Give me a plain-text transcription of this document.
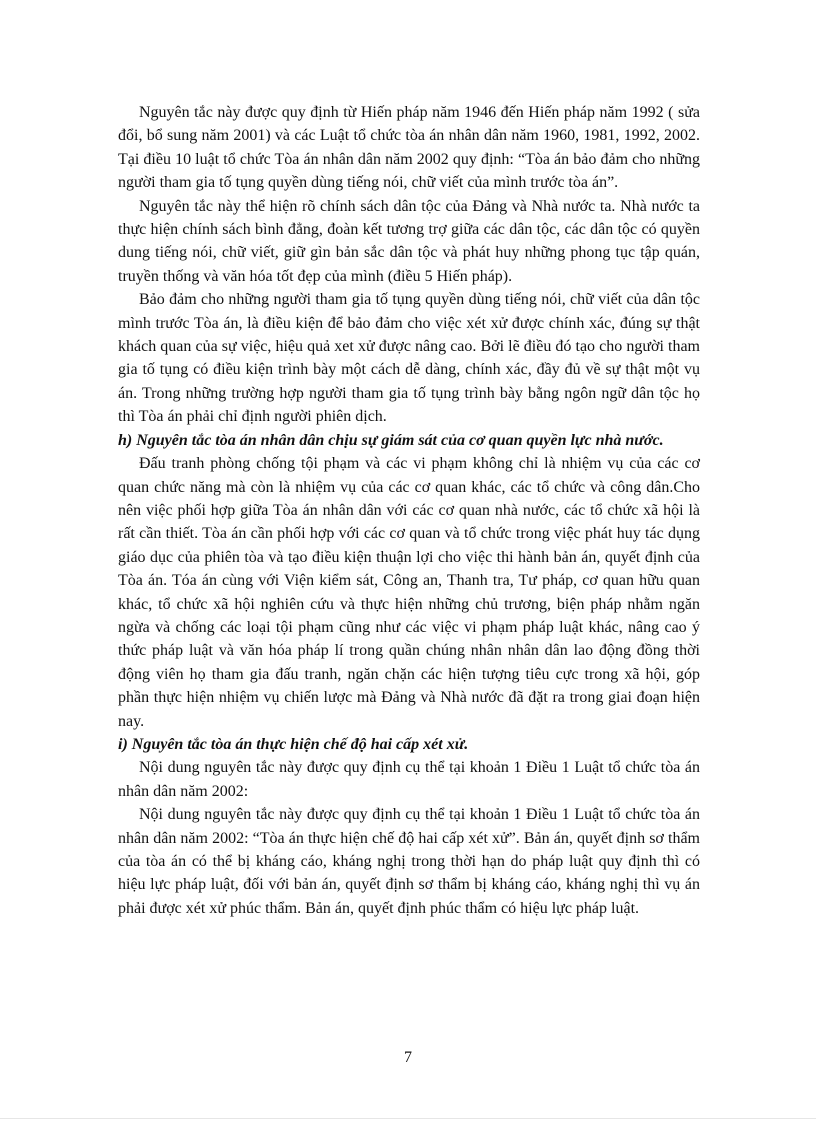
Nguyên tắc này được quy định từ Hiến pháp năm 1946 đến Hiến pháp năm 1992 ( sửa đổi, bổ sung năm 2001) và các Luật tổ chức tòa án nhân dân năm 1960, 1981, 1992, 2002. Tại điều 10 luật tổ chức Tòa án nhân dân năm 2002 quy định: “Tòa án bảo đảm cho những người tham gia tố tụng quyền dùng tiếng nói, chữ viết của mình trước tòa án”.

Nguyên tắc này thể hiện rõ chính sách dân tộc của Đảng và Nhà nước ta. Nhà nước ta thực hiện chính sách bình đẳng, đoàn kết tương trợ giữa các dân tộc, các dân tộc có quyền dung tiếng nói, chữ viết, giữ gìn bản sắc dân tộc và phát huy những phong tục tập quán, truyền thống và văn hóa tốt đẹp của mình (điều 5 Hiến pháp).

Bảo đảm cho những người tham gia tố tụng quyền dùng tiếng nói, chữ viết của dân tộc mình trước Tòa án, là điều kiện để bảo đảm cho việc xét xử được chính xác, đúng sự thật khách quan của sự việc, hiệu quả xet xử được nâng cao. Bởi lẽ điều đó tạo cho người tham gia tố tụng có điều kiện trình bày một cách dễ dàng, chính xác, đầy đủ về sự thật một vụ án. Trong những trường hợp người tham gia tố tụng trình bày bằng ngôn ngữ dân tộc họ thì Tòa án phải chỉ định người phiên dịch.

h) Nguyên tắc tòa án nhân dân chịu sự giám sát của cơ quan quyền lực nhà nước.

Đấu tranh phòng chống tội phạm và các vi phạm không chỉ là nhiệm vụ của các cơ quan chức năng mà còn là nhiệm vụ của các cơ quan khác, các tổ chức và công dân.Cho nên việc phối hợp giữa Tòa án nhân dân với các cơ quan nhà nước, các tổ chức xã hội là rất cần thiết. Tòa án cần phối hợp với các cơ quan và tổ chức trong việc phát huy tác dụng giáo dục của phiên tòa và tạo điều kiện thuận lợi cho việc thi hành bản án, quyết định của Tòa án. Tóa án cùng với Viện kiểm sát, Công an, Thanh tra, Tư pháp, cơ quan hữu quan khác, tổ chức xã hội nghiên cứu và thực hiện những chủ trương, biện pháp nhằm ngăn ngừa và chống các loại tội phạm cũng như các việc vi phạm pháp luật khác, nâng cao ý thức pháp luật và văn hóa pháp lí trong quần chúng nhân nhân dân lao động đồng thời động viên họ tham gia đấu tranh, ngăn chặn các hiện tượng tiêu cực trong xã hội, góp phần thực hiện nhiệm vụ chiến lược mà Đảng và Nhà nước đã đặt ra trong giai đoạn hiện nay.

i) Nguyên tắc tòa án thực hiện chế độ hai cấp xét xử.

Nội dung nguyên tắc này được quy định cụ thể tại khoản 1 Điều 1 Luật tổ chức tòa án nhân dân năm 2002:

Nội dung nguyên tắc này được quy định cụ thể tại khoản 1 Điều 1 Luật tổ chức tòa án nhân dân năm 2002: “Tòa án thực hiện chế độ hai cấp xét xử”. Bản án, quyết định sơ thẩm của tòa án có thể bị kháng cáo, kháng nghị trong thời hạn do pháp luật quy định thì có hiệu lực pháp luật, đối với bản án, quyết định sơ thẩm bị kháng cáo, kháng nghị thì vụ án phải được xét xử phúc thẩm. Bản án, quyết định phúc thẩm có hiệu lực pháp luật.

7
